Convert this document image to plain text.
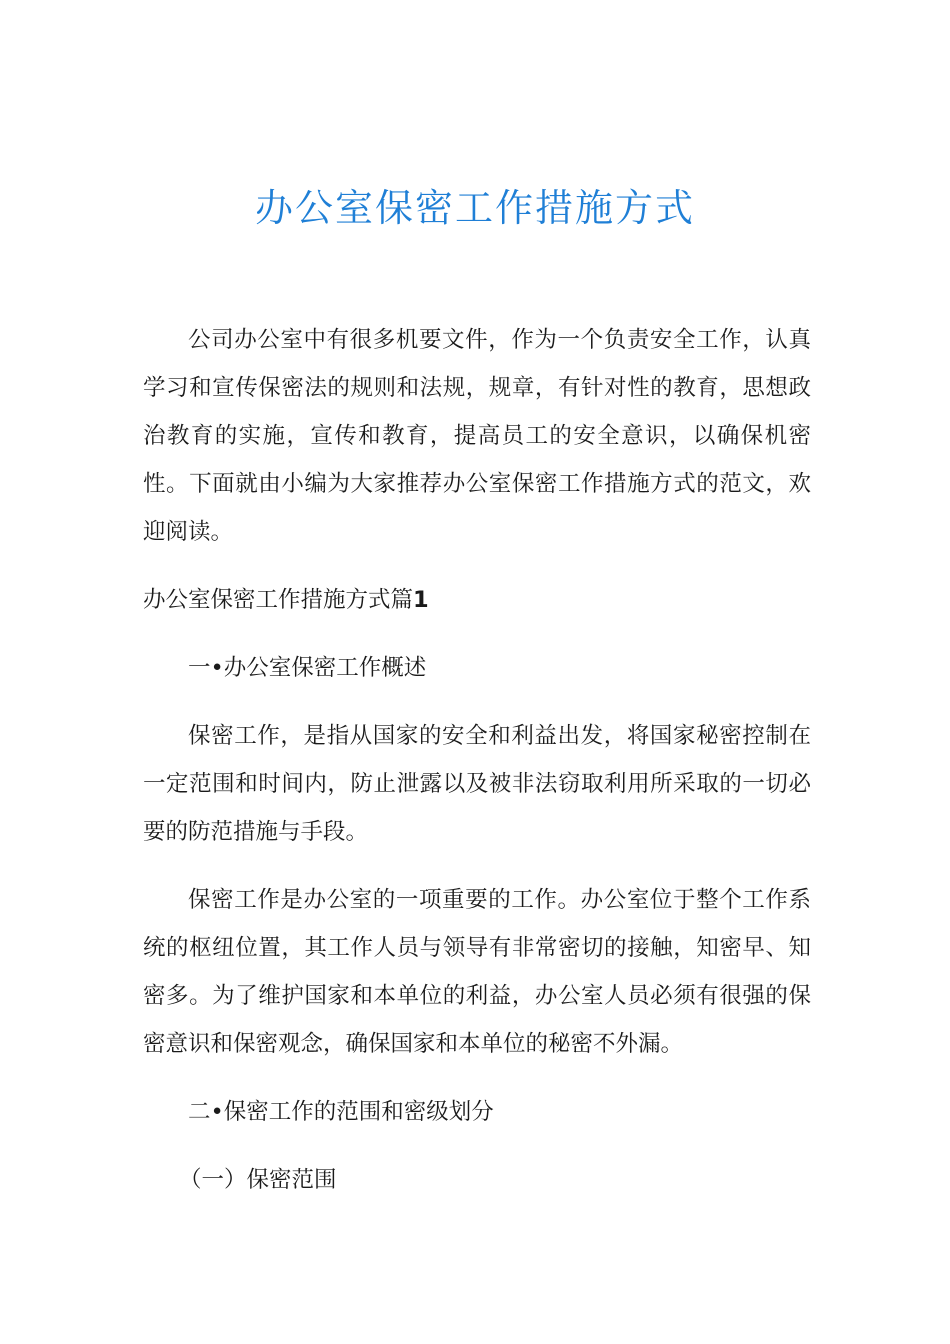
办公室保密工作措施方式

公司办公室中有很多机要文件，作为一个负责安全工作，认真学习和宣传保密法的规则和法规，规章，有针对性的教育，思想政治教育的实施，宣传和教育，提高员工的安全意识，以确保机密性。下面就由小编为大家推荐办公室保密工作措施方式的范文，欢迎阅读。

办公室保密工作措施方式篇1

一•办公室保密工作概述

保密工作，是指从国家的安全和利益出发，将国家秘密控制在一定范围和时间内，防止泄露以及被非法窃取利用所采取的一切必要的防范措施与手段。

保密工作是办公室的一项重要的工作。办公室位于整个工作系统的枢纽位置，其工作人员与领导有非常密切的接触，知密早、知密多。为了维护国家和本单位的利益，办公室人员必须有很强的保密意识和保密观念，确保国家和本单位的秘密不外漏。

二•保密工作的范围和密级划分

（一）保密范围
